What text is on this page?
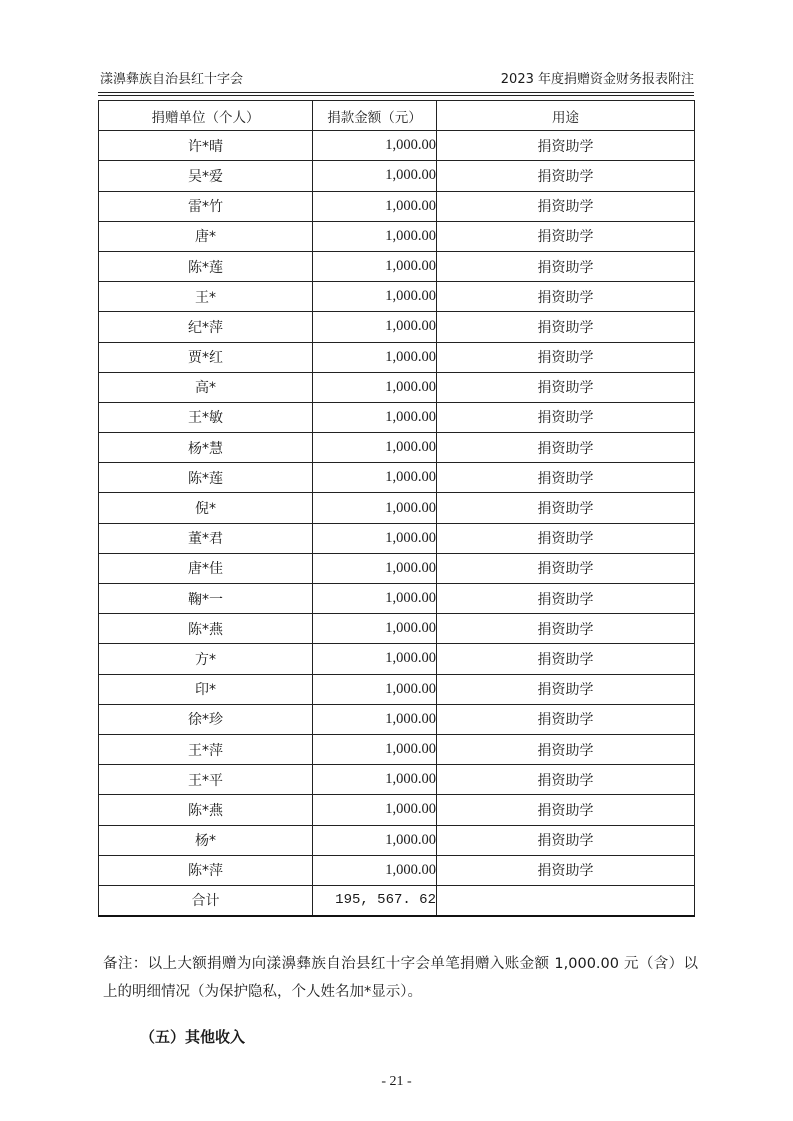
漾濞彝族自治县红十字会	2023 年度捐赠资金财务报表附注
捐赠单位（个人）	捐款金额（元）	用途
许*晴	1,000.00	捐资助学
吴*爱	1,000.00	捐资助学
雷*竹	1,000.00	捐资助学
唐*	1,000.00	捐资助学
陈*莲	1,000.00	捐资助学
王*	1,000.00	捐资助学
纪*萍	1,000.00	捐资助学
贾*红	1,000.00	捐资助学
高*	1,000.00	捐资助学
王*敏	1,000.00	捐资助学
杨*慧	1,000.00	捐资助学
陈*莲	1,000.00	捐资助学
倪*	1,000.00	捐资助学
董*君	1,000.00	捐资助学
唐*佳	1,000.00	捐资助学
鞠*一	1,000.00	捐资助学
陈*燕	1,000.00	捐资助学
方*	1,000.00	捐资助学
印*	1,000.00	捐资助学
徐*珍	1,000.00	捐资助学
王*萍	1,000.00	捐资助学
王*平	1,000.00	捐资助学
陈*燕	1,000.00	捐资助学
杨*	1,000.00	捐资助学
陈*萍	1,000.00	捐资助学
合计	195, 567. 62	
备注：以上大额捐赠为向漾濞彝族自治县红十字会单笔捐赠入账金额 1,000.00 元（含）以上的明细情况（为保护隐私，个人姓名加*显示）。
（五）其他收入
- 21 -
